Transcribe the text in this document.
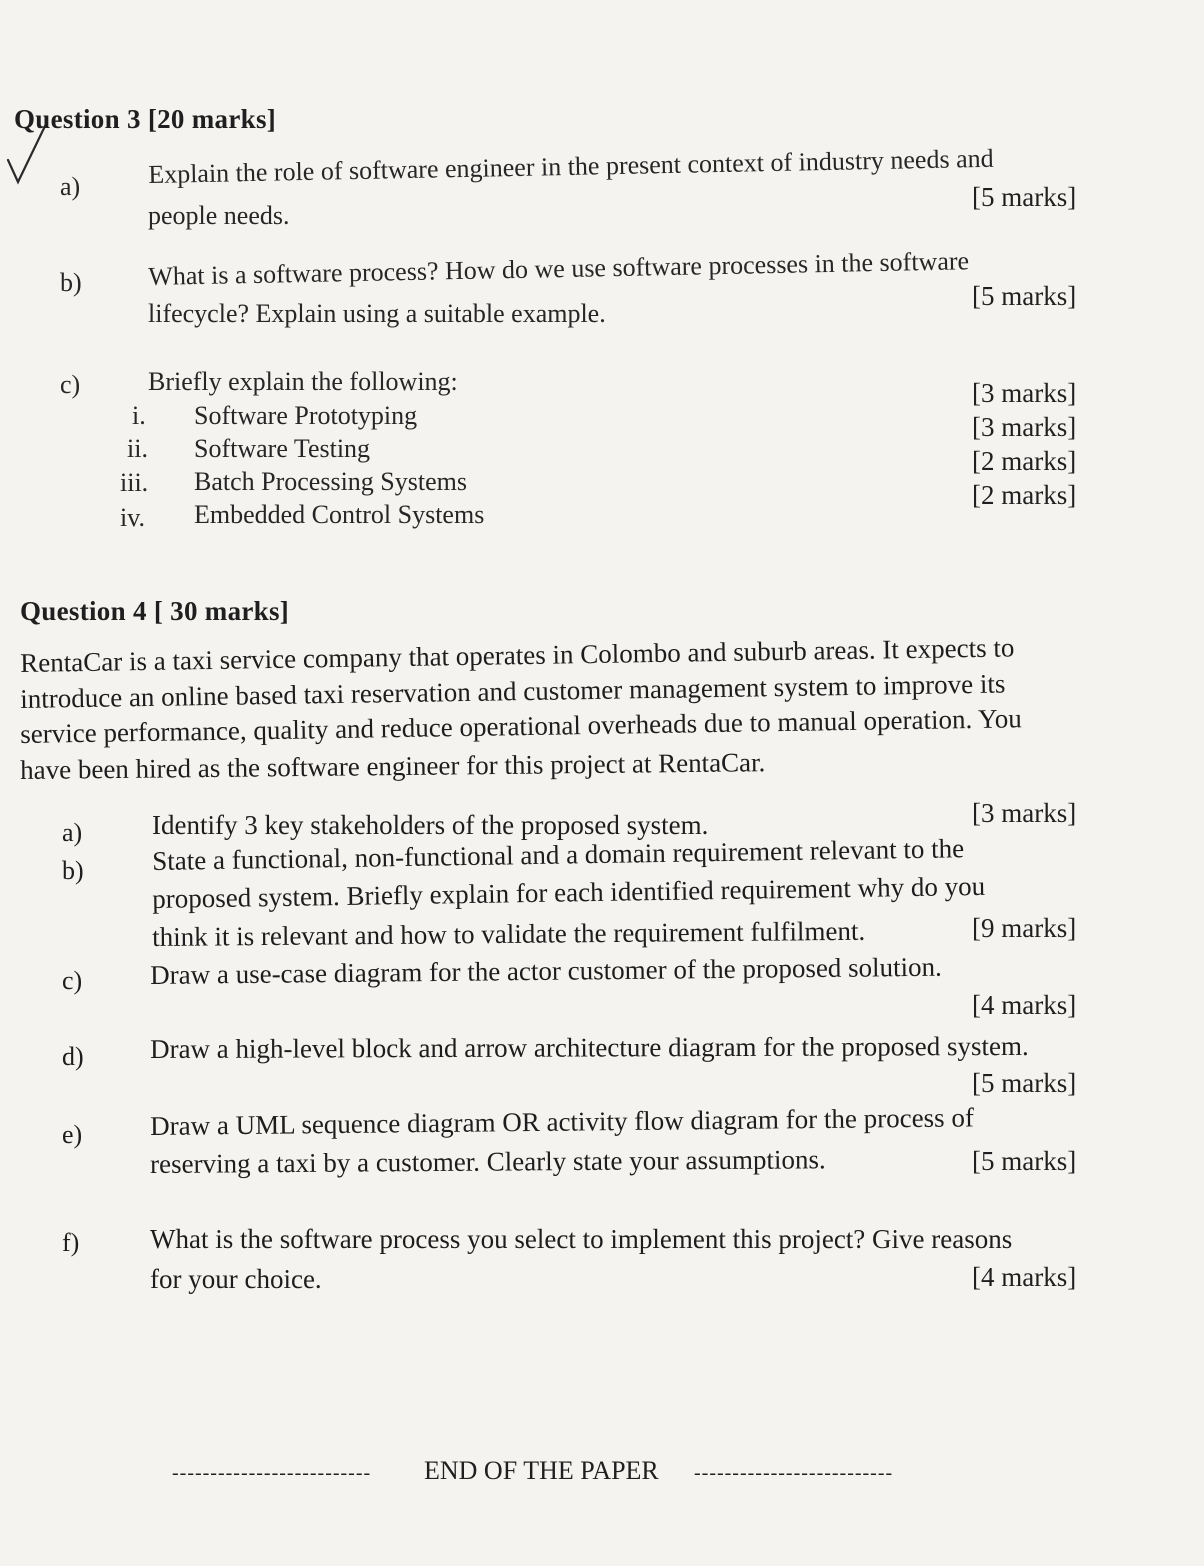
Question 3 [20 marks]
a)	Explain the role of software engineer in the present context of industry needs and
people needs.
[5 marks]
b)	What is a software process? How do we use software processes in the software
lifecycle? Explain using a suitable example.
[5 marks]
c)	Briefly explain the following:
i. Software Prototyping
[3 marks]
ii. Software Testing
[3 marks]
iii. Batch Processing Systems
[2 marks]
iv. Embedded Control Systems
[2 marks]
Question 4 [ 30 marks]
RentaCar is a taxi service company that operates in Colombo and suburb areas. It expects to
introduce an online based taxi reservation and customer management system to improve its
service performance, quality and reduce operational overheads due to manual operation. You
have been hired as the software engineer for this project at RentaCar.
a)	Identify 3 key stakeholders of the proposed system.	[3 marks]
b)	State a functional, non-functional and a domain requirement relevant to the
proposed system. Briefly explain for each identified requirement why do you
think it is relevant and how to validate the requirement fulfilment.	[9 marks]
c)	Draw a use-case diagram for the actor customer of the proposed solution.
[4 marks]
d) Draw a high-level block and arrow architecture diagram for the proposed system.
[5 marks]
e)	Draw a UML sequence diagram OR activity flow diagram for the process of
reserving a taxi by a customer. Clearly state your assumptions.	[5 marks]
f)	What is the software process you select to implement this project? Give reasons
for your choice.	[4 marks]
-------------------------- END OF THE PAPER --------------------------
